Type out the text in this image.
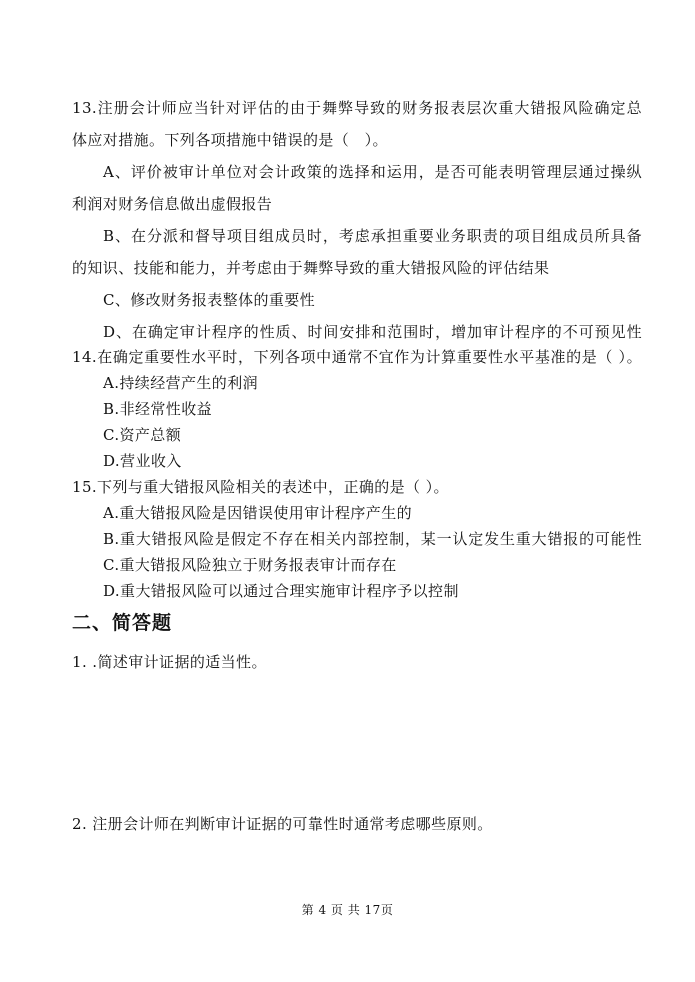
13.注册会计师应当针对评估的由于舞弊导致的财务报表层次重大错报风险确定总
体应对措施。下列各项措施中错误的是（　）。
A、评价被审计单位对会计政策的选择和运用，是否可能表明管理层通过操纵
利润对财务信息做出虚假报告
B、在分派和督导项目组成员时，考虑承担重要业务职责的项目组成员所具备
的知识、技能和能力，并考虑由于舞弊导致的重大错报风险的评估结果
C、修改财务报表整体的重要性
D、在确定审计程序的性质、时间安排和范围时，增加审计程序的不可预见性
14.在确定重要性水平时，下列各项中通常不宜作为计算重要性水平基准的是（ ）。
A.持续经营产生的利润
B.非经常性收益
C.资产总额
D.营业收入
15.下列与重大错报风险相关的表述中，正确的是（ ）。
A.重大错报风险是因错误使用审计程序产生的
B.重大错报风险是假定不存在相关内部控制，某一认定发生重大错报的可能性
C.重大错报风险独立于财务报表审计而存在
D.重大错报风险可以通过合理实施审计程序予以控制
二、简答题
1. .简述审计证据的适当性。
2. 注册会计师在判断审计证据的可靠性时通常考虑哪些原则。
第 4 页 共 17页
